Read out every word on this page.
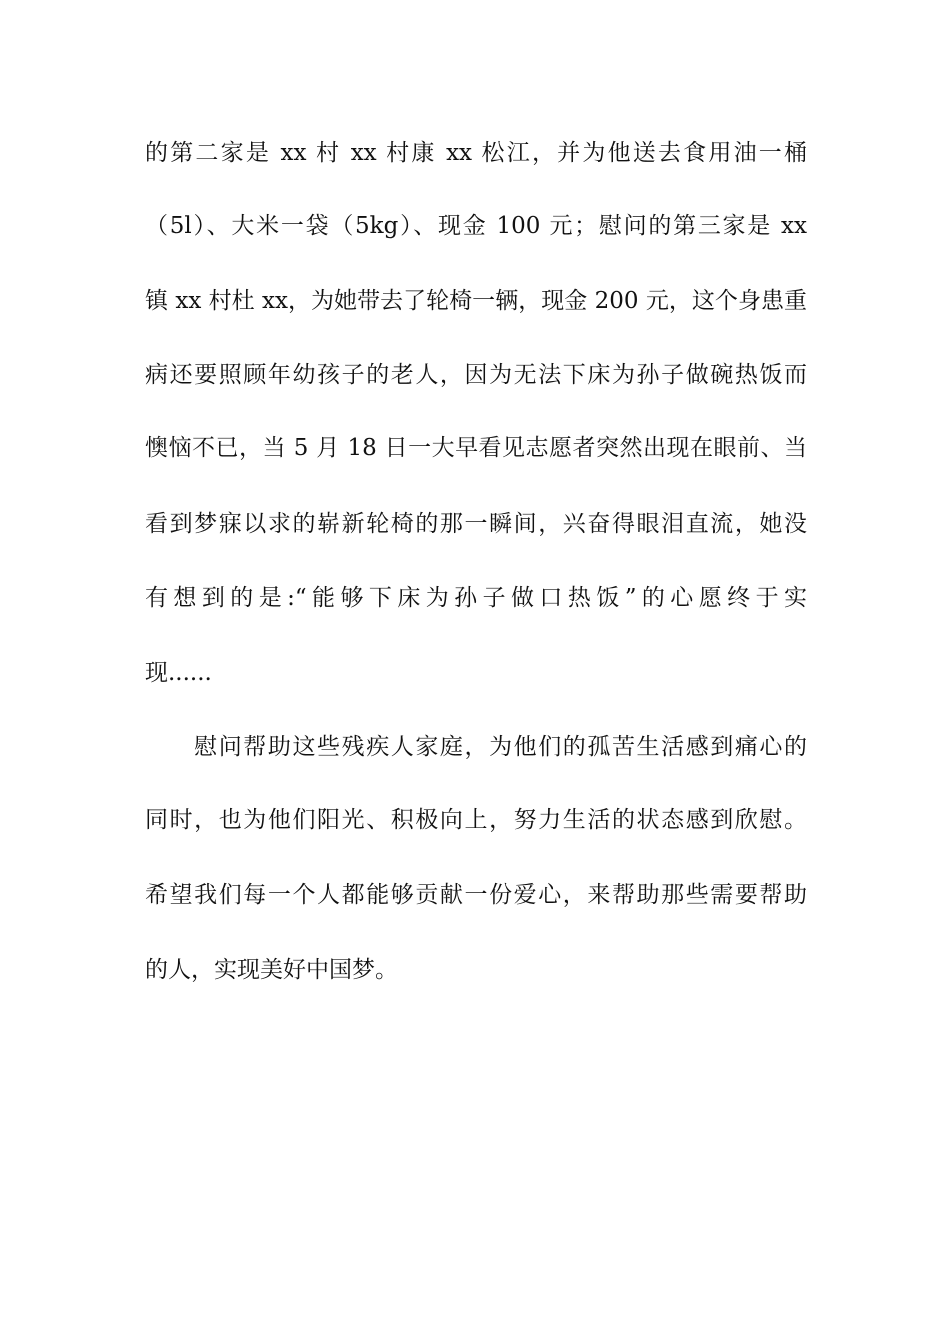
的第二家是 xx 村 xx 村康 xx 松江，并为他送去食用油一桶
（5l）、大米一袋（5kg）、现金 100 元；慰问的第三家是 xx
镇 xx 村杜 xx，为她带去了轮椅一辆，现金 200 元，这个身患重
病还要照顾年幼孩子的老人，因为无法下床为孙子做碗热饭而
懊恼不已，当 5 月 18 日一大早看见志愿者突然出现在眼前、当
看到梦寐以求的崭新轮椅的那一瞬间，兴奋得眼泪直流，她没
有想到的是:“能够下床为孙子做口热饭”的心愿终于实
现......
　　慰问帮助这些残疾人家庭，为他们的孤苦生活感到痛心的
同时，也为他们阳光、积极向上，努力生活的状态感到欣慰。
希望我们每一个人都能够贡献一份爱心，来帮助那些需要帮助
的人，实现美好中国梦。
